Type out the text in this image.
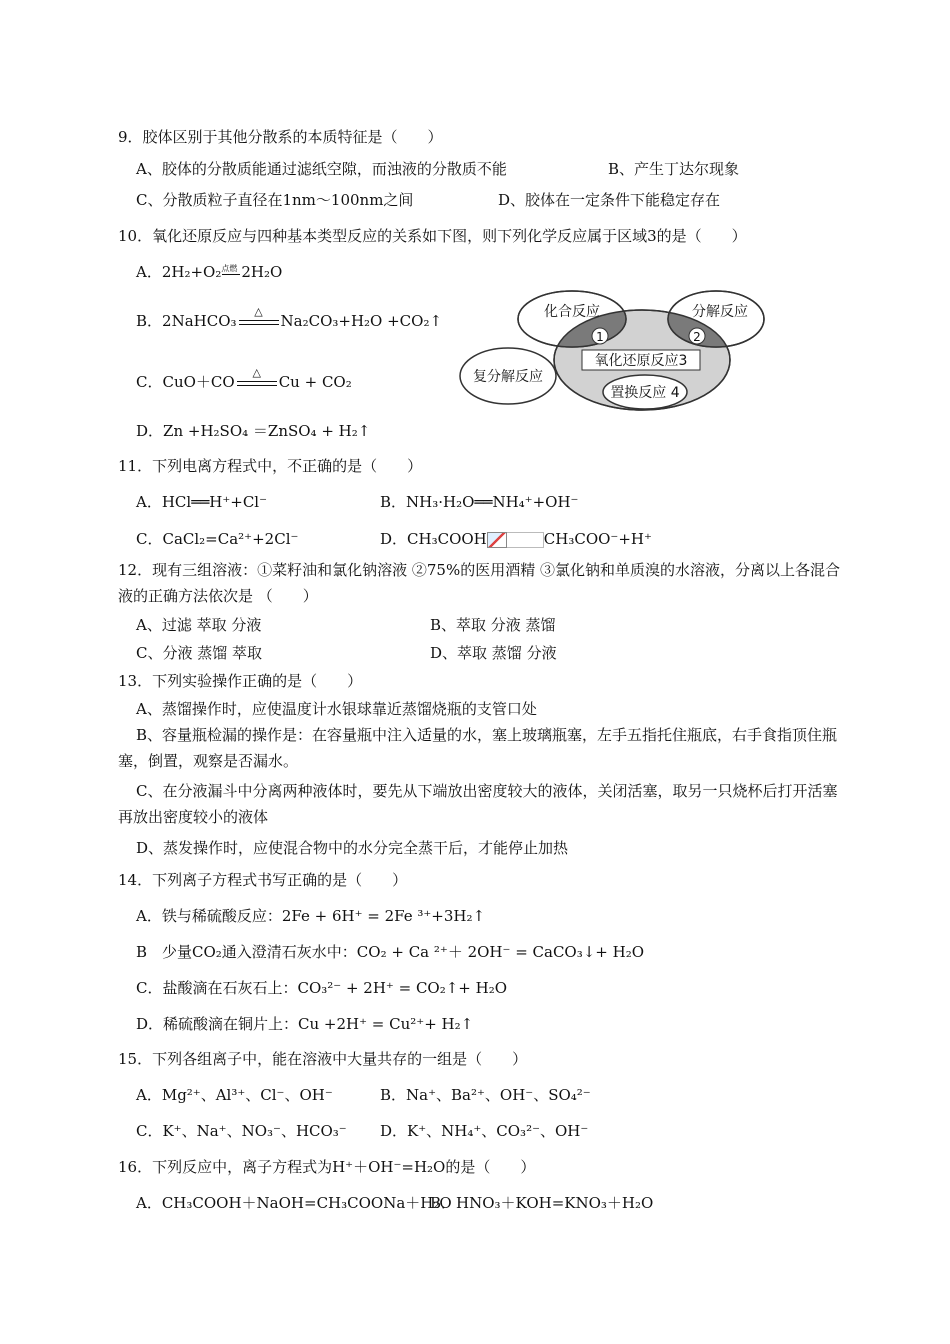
9．胶体区别于其他分散系的本质特征是（　　）
A、胶体的分散质能通过滤纸空隙，而浊液的分散质不能	B、产生丁达尔现象
C、分散质粒子直径在1nm～100nm之间	D、胶体在一定条件下能稳定存在
10．氧化还原反应与四种基本类型反应的关系如下图，则下列化学反应属于区域3的是（　　）
A．2H₂+O₂ 点燃 2H₂O
B．2NaHCO₃
△
Na₂CO₃+H₂O +CO₂↑
C．CuO＋CO
△
Cu + CO₂
D．Zn +H₂SO₄ ＝ZnSO₄ + H₂↑
化合反应	分解反应
复分解反应
氧化还原反应3
置换反应 4
1	2
11．下列电离方程式中，不正确的是（　　）
A．HCl══H⁺+Cl⁻	B．NH₃·H₂O══NH₄⁺+OH⁻
C．CaCl₂=Ca²⁺+2Cl⁻	D．CH₃COOH	CH₃COO⁻+H⁺
12．现有三组溶液：①菜籽油和氯化钠溶液 ②75%的医用酒精 ③氯化钠和单质溴的水溶液，分离以上各混合液的正确方法依次是 （　　）
A、过滤 萃取 分液	B、萃取 分液 蒸馏
C、分液 蒸馏 萃取	D、萃取 蒸馏 分液
13．下列实验操作正确的是（　　）
A、蒸馏操作时，应使温度计水银球靠近蒸馏烧瓶的支管口处
B、容量瓶检漏的操作是：在容量瓶中注入适量的水，塞上玻璃瓶塞，左手五指托住瓶底，右手食指顶住瓶塞，倒置，观察是否漏水。
C、在分液漏斗中分离两种液体时，要先从下端放出密度较大的液体，关闭活塞，取另一只烧杯后打开活塞再放出密度较小的液体
D、蒸发操作时，应使混合物中的水分完全蒸干后，才能停止加热
14．下列离子方程式书写正确的是（　　）
A．铁与稀硫酸反应：2Fe + 6H⁺ = 2Fe ³⁺+3H₂↑
B　少量CO₂通入澄清石灰水中：CO₂ + Ca ²⁺＋ 2OH⁻ = CaCO₃↓+ H₂O
C．盐酸滴在石灰石上：CO₃²⁻ + 2H⁺ = CO₂↑+ H₂O
D．稀硫酸滴在铜片上：Cu +2H⁺ = Cu²⁺+ H₂↑
15．下列各组离子中，能在溶液中大量共存的一组是（　　）
A．Mg²⁺、Al³⁺、Cl⁻、OH⁻	B．Na⁺、Ba²⁺、OH⁻、SO₄²⁻
C．K⁺、Na⁺、NO₃⁻、HCO₃⁻ D．K⁺、NH₄⁺、CO₃²⁻、OH⁻
16．下列反应中，离子方程式为H⁺＋OH⁻=H₂O的是（　　）
A．CH₃COOH＋NaOH=CH₃COONa＋H₂O
B．HNO₃＋KOH=KNO₃＋H₂O
